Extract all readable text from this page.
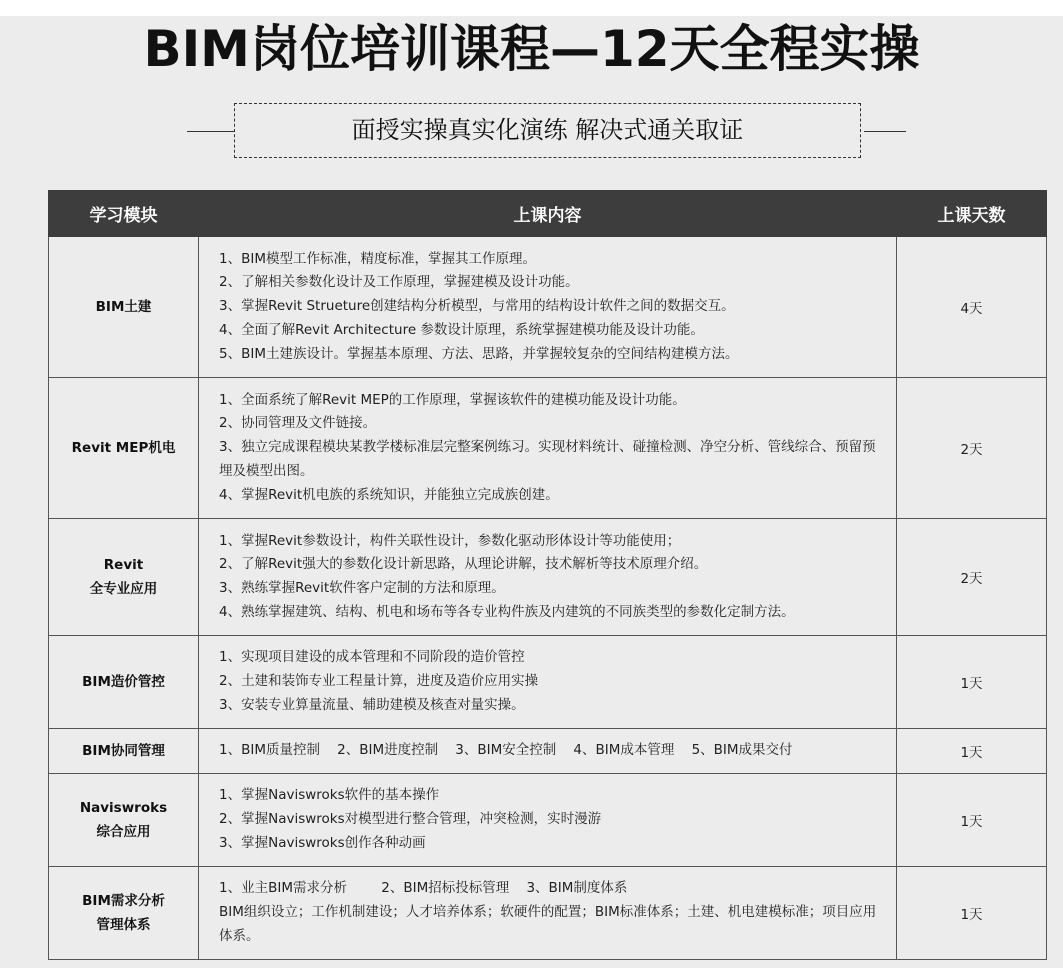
BIM岗位培训课程—12天全程实操
面授实操真实化演练 解决式通关取证
学习模块	上课内容	上课天数

BIM土建	1、BIM模型工作标准，精度标准，掌握其工作原理。
2、了解相关参数化设计及工作原理，掌握建模及设计功能。
3、掌握Revit Strueture创建结构分析模型，与常用的结构设计软件之间的数据交互。
4、全面了解Revit Architecture 参数设计原理，系统掌握建模功能及设计功能。
5、BIM土建族设计。掌握基本原理、方法、思路，并掌握较复杂的空间结构建模方法。	4天

Revit MEP机电	1、全面系统了解Revit MEP的工作原理，掌握该软件的建模功能及设计功能。
2、协同管理及文件链接。
3、独立完成课程模块某教学楼标准层完整案例练习。实现材料统计、碰撞检测、净空分析、管线综合、预留预埋及模型出图。
4、掌握Revit机电族的系统知识，并能独立完成族创建。	2天

Revit
全专业应用	1、掌握Revit参数设计，构件关联性设计，参数化驱动形体设计等功能使用；
2、了解Revit强大的参数化设计新思路，从理论讲解，技术解析等技术原理介绍。
3、熟练掌握Revit软件客户定制的方法和原理。
4、熟练掌握建筑、结构、机电和场布等各专业构件族及内建筑的不同族类型的参数化定制方法。	2天

BIM造价管控	1、实现项目建设的成本管理和不同阶段的造价管控
2、土建和装饰专业工程量计算，进度及造价应用实操
3、安装专业算量流量、辅助建模及核查对量实操。	1天

BIM协同管理	1、BIM质量控制    2、BIM进度控制    3、BIM安全控制    4、BIM成本管理    5、BIM成果交付	1天

Naviswroks
综合应用	1、掌握Naviswroks软件的基本操作
2、掌握Naviswroks对模型进行整合管理，冲突检测，实时漫游
3、掌握Naviswroks创作各种动画	1天

BIM需求分析
管理体系	1、业主BIM需求分析        2、BIM招标投标管理    3、BIM制度体系
BIM组织设立；工作机制建设；人才培养体系；软硬件的配置；BIM标准体系；土建、机电建模标准；项目应用体系。	1天
